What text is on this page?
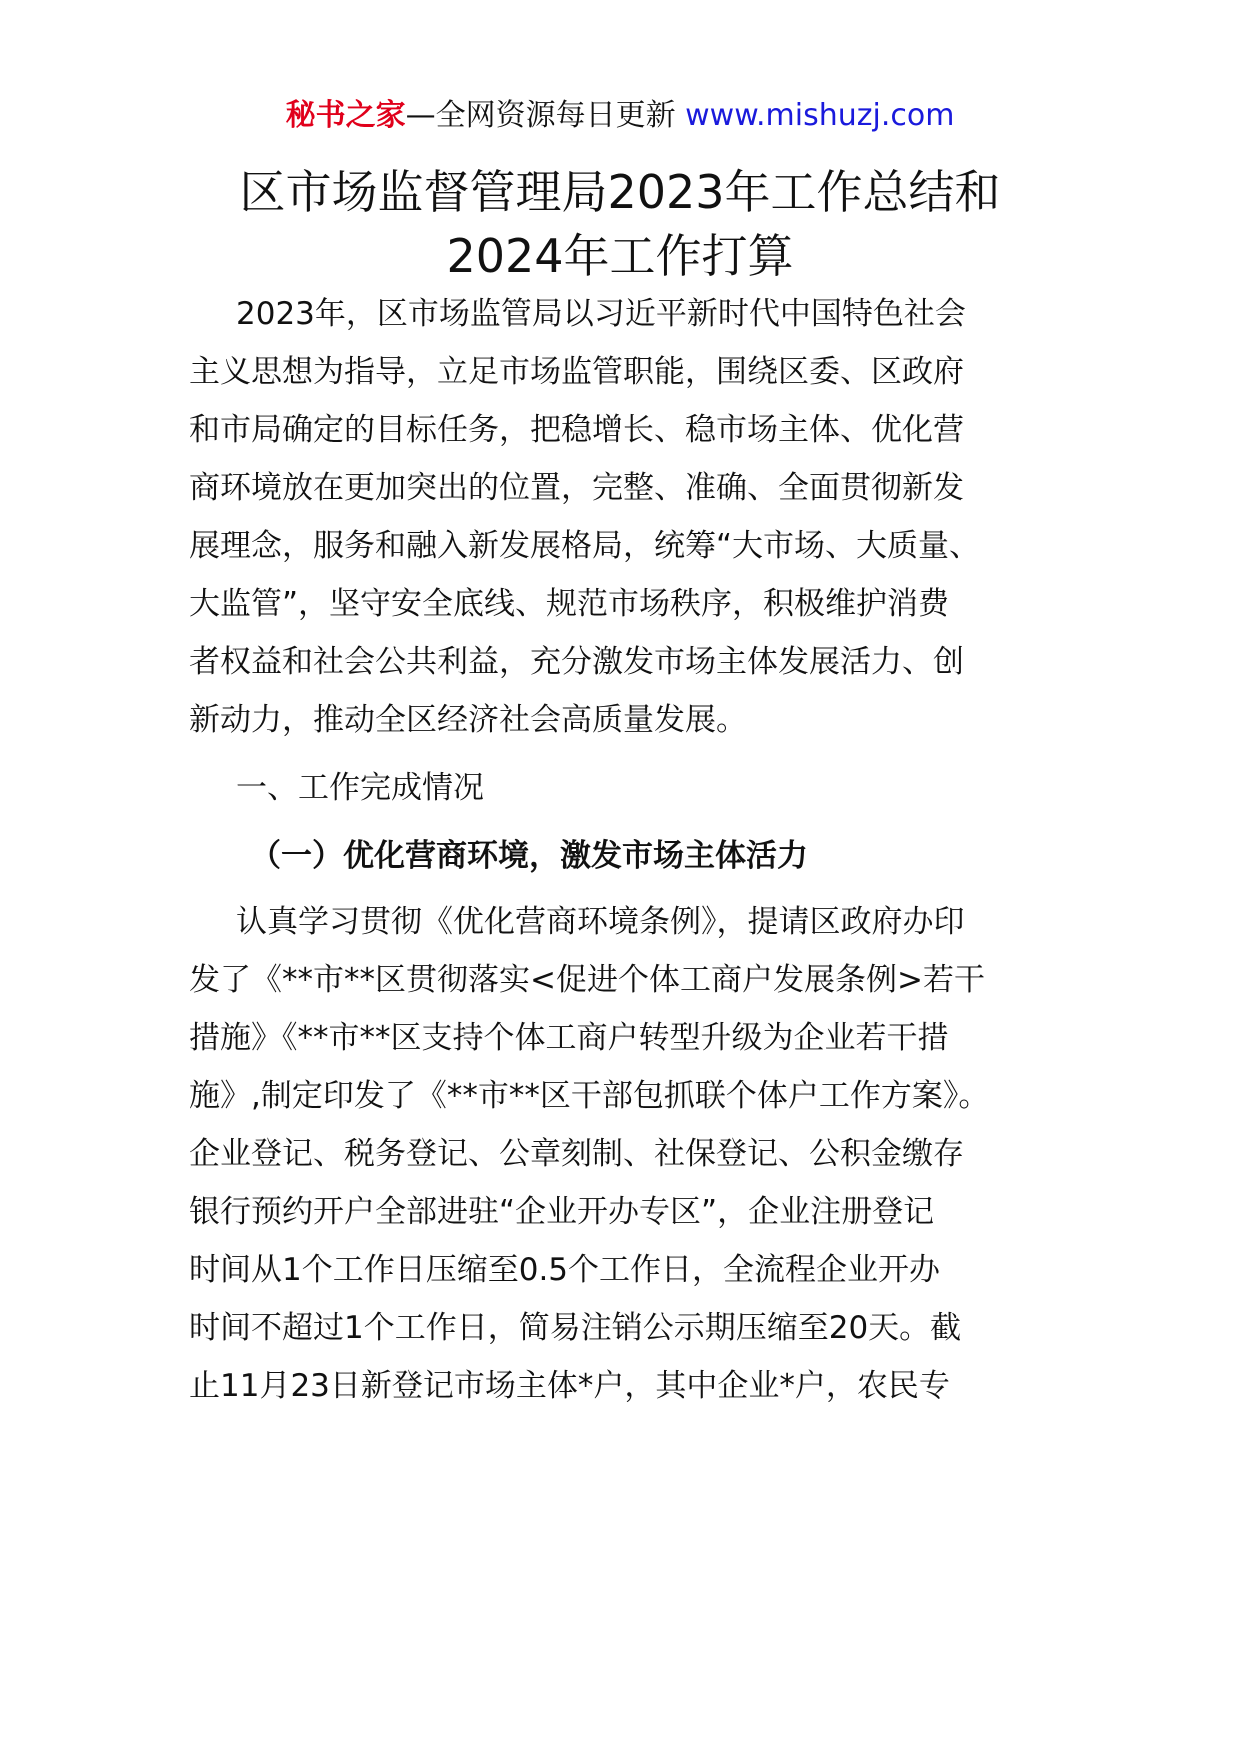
秘书之家—全网资源每日更新 www.mishuzj.com
区市场监督管理局2023年工作总结和
2024年工作打算
2023年，区市场监管局以习近平新时代中国特色社会
主义思想为指导，立足市场监管职能，围绕区委、区政府
和市局确定的目标任务，把稳增长、稳市场主体、优化营
商环境放在更加突出的位置，完整、准确、全面贯彻新发
展理念，服务和融入新发展格局，统筹“大市场、大质量、
大监管”，坚守安全底线、规范市场秩序，积极维护消费
者权益和社会公共利益，充分激发市场主体发展活力、创
新动力，推动全区经济社会高质量发展。
一、工作完成情况
（一）优化营商环境，激发市场主体活力
认真学习贯彻《优化营商环境条例》，提请区政府办印
发了《**市**区贯彻落实<促进个体工商户发展条例>若干
措施》《**市**区支持个体工商户转型升级为企业若干措
施》,制定印发了《**市**区干部包抓联个体户工作方案》。
企业登记、税务登记、公章刻制、社保登记、公积金缴存
银行预约开户全部进驻“企业开办专区”，企业注册登记
时间从1个工作日压缩至0.5个工作日，全流程企业开办
时间不超过1个工作日，简易注销公示期压缩至20天。截
止11月23日新登记市场主体*户，其中企业*户，农民专
